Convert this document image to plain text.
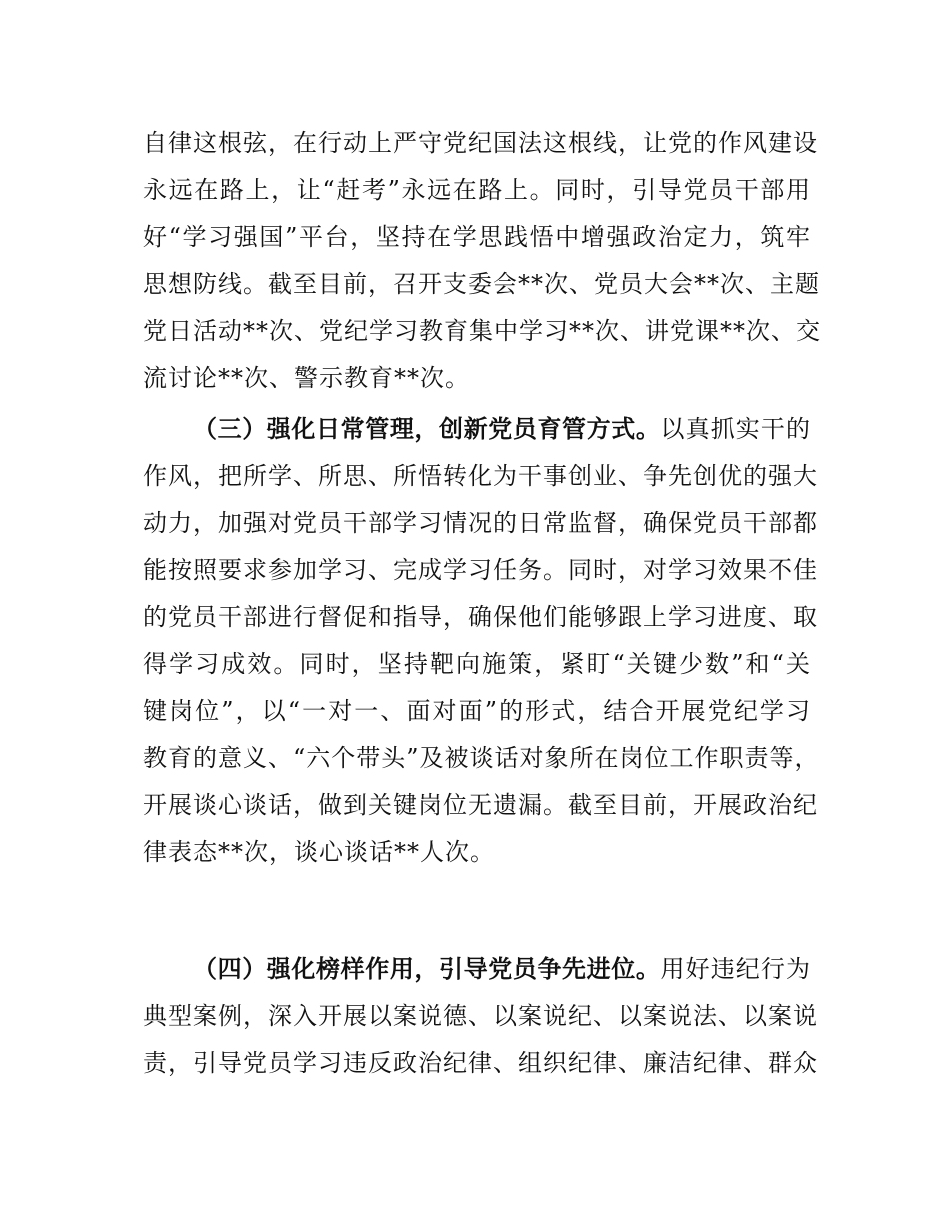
自律这根弦，在行动上严守党纪国法这根线，让党的作风建设
永远在路上，让“赶考”永远在路上。同时，引导党员干部用
好“学习强国”平台，坚持在学思践悟中增强政治定力，筑牢
思想防线。截至目前，召开支委会**次、党员大会**次、主题
党日活动**次、党纪学习教育集中学习**次、讲党课**次、交
流讨论**次、警示教育**次。
（三）强化日常管理，创新党员育管方式。以真抓实干的
作风，把所学、所思、所悟转化为干事创业、争先创优的强大
动力，加强对党员干部学习情况的日常监督，确保党员干部都
能按照要求参加学习、完成学习任务。同时，对学习效果不佳
的党员干部进行督促和指导，确保他们能够跟上学习进度、取
得学习成效。同时，坚持靶向施策，紧盯“关键少数”和“关
键岗位”，以“一对一、面对面”的形式，结合开展党纪学习
教育的意义、“六个带头”及被谈话对象所在岗位工作职责等，
开展谈心谈话，做到关键岗位无遗漏。截至目前，开展政治纪
律表态**次，谈心谈话**人次。
（四）强化榜样作用，引导党员争先进位。用好违纪行为
典型案例，深入开展以案说德、以案说纪、以案说法、以案说
责，引导党员学习违反政治纪律、组织纪律、廉洁纪律、群众
